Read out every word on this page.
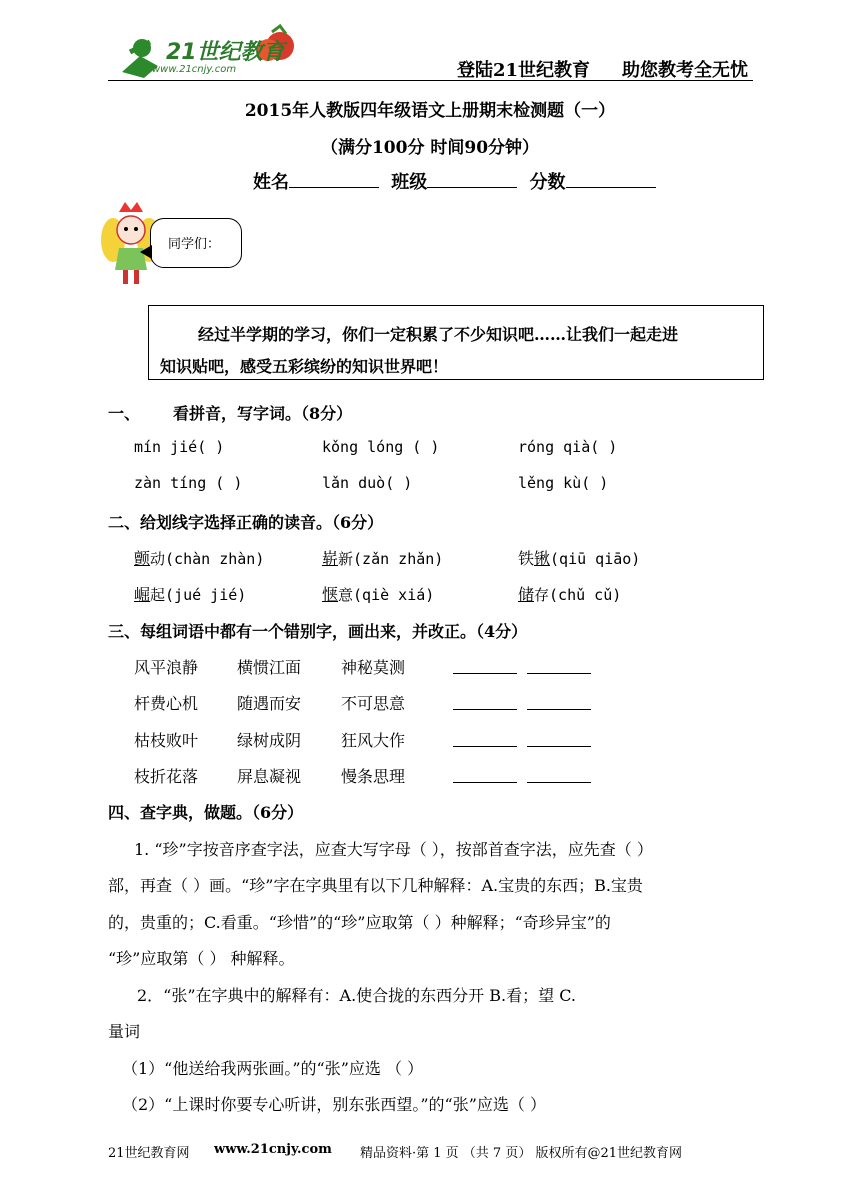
21世纪教育
www.21cnjy.com	登陆21世纪教育 助您教考全无忧
2015年人教版四年级语文上册期末检测题（一）
（满分100分 时间90分钟）
姓名	班级	分数
同学们：
经过半学期的学习，你们一定积累了不少知识吧……让我们一起走进
知识贴吧，感受五彩缤纷的知识世界吧！
一、 看拼音，写字词。（8分）
mín jié( )	kǒng lóng ( )	róng qià( )
zàn tíng ( )	lǎn duò( )	lěng kù( )
二、给划线字选择正确的读音。（6分）
颤动(chàn zhàn)	崭新(zǎn zhǎn)	铁锹(qiū qiāo)
崛起(jué jié)	惬意(qiè xiá)	储存(chǔ cǔ)
三、每组词语中都有一个错别字，画出来，并改正。（4分）
风平浪静 横惯江面 神秘莫测
杆费心机 随遇而安 不可思意
枯枝败叶 绿树成阴 狂风大作
枝折花落 屏息凝视 慢条思理
四、查字典，做题。（6分）
1. “珍”字按音序查字法，应查大写字母（ ），按部首查字法，应先查（ ）
部，再查（ ）画。“珍”字在字典里有以下几种解释：A.宝贵的东西；B.宝贵
的，贵重的；C.看重。“珍惜”的“珍”应取第（ ）种解释；“奇珍异宝”的
“珍”应取第（ ） 种解释。
2．“张”在字典中的解释有：A.使合拢的东西分开 B.看；望 C.
量词
（1）“他送给我两张画。”的“张”应选 （ ）
（2）“上课时你要专心听讲，别东张西望。”的“张”应选（ ）
21世纪教育网 www.21cnjy.com 精品资料·第 1 页 （共 7 页） 版权所有@21世纪教育网
